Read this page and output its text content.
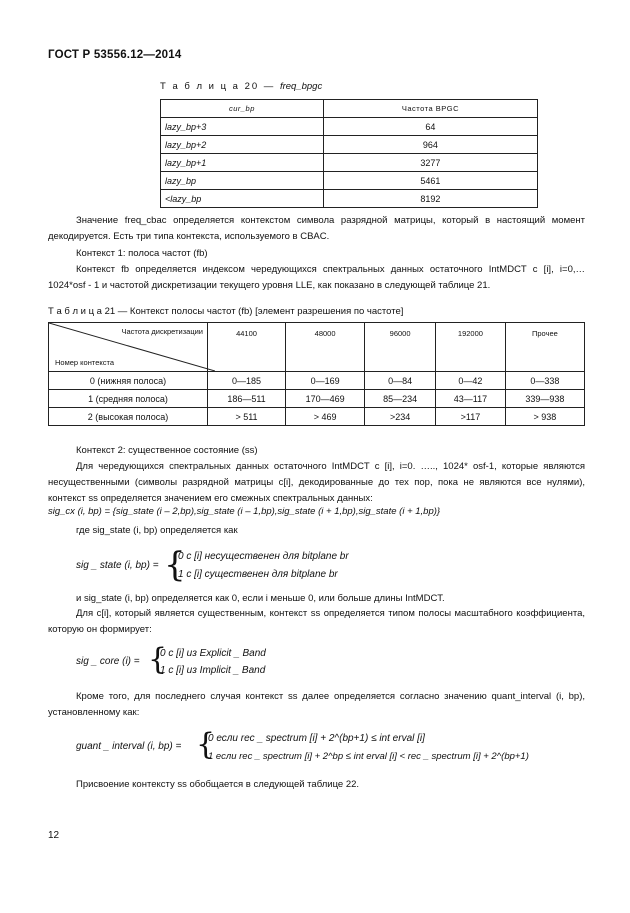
ГОСТ Р 53556.12—2014
Т а б л и ц а 20 — freq_bpgc
cur_bp	Частота BPGC
lazy_bp+3	64
lazy_bp+2	964
lazy_bp+1	3277
lazy_bp	5461
<lazy_bp	8192
Значение freq_cbac определяется контекстом символа разрядной матрицы, который в настоящий момент декодируется. Есть три типа контекста, используемого в CBAC.
Контекст 1: полоса частот (fb)
Контекст fb определяется индексом чередующихся спектральных данных остаточного IntMDCT с [i], i=0,… 1024*osf - 1 и частотой дискретизации текущего уровня LLE, как показано в следующей таблице 21.
Т а б л и ц а 21 — Контекст полосы частот (fb) [элемент разрешения по частоте]
Частота дискретизации
Номер контекста	44100	48000	96000	192000	Прочее
0 (нижняя полоса)	0—185	0—169	0—84	0—42	0—338
1 (средняя полоса)	186—511	170—469	85—234	43—117	339—938
2 (высокая полоса)	> 511	> 469	>234	>117	> 938
Контекст 2: существенное состояние (ss)
Для чередующихся спектральных данных остаточного IntMDCT с [i], i=0. ….., 1024* osf-1, которые являются несущественными (символы разрядной матрицы c[i], декодированные до тех пор, пока не являются все нулями), контекст ss определяется значением его смежных спектральных данных:
sig_cx (i, bp) = {sig_state (i – 2,bp),sig_state (i – 1,bp),sig_state (i + 1,bp),sig_state (i + 1,bp)}
где sig_state (i, bp) определяется как
sig _ state (i, bp) = {
0 c [i] несущественен для bitplane br
1 c [i] существенен для bitplane br
и sig_state (i, bp) определяется как 0, если i меньше 0, или больше длины IntMDCT.
Для c[i], который является существенным, контекст ss определяется типом полосы масштабного коэффициента, которую он формирует:
sig _ core (i) = {
0 c [i] из Explicit _ Band
1 c [i] из Implicit _ Band
Кроме того, для последнего случая контекст ss далее определяется согласно значению quant_interval (i, bp), установленному как:
guant _ interval (i, bp) = {
0 если rec _ spectrum [i] + 2^(bp+1) ≤ int erval [i]
1 если rec _ spectrum [i] + 2^bp ≤ int erval [i] < rec _ spectrum [i] + 2^(bp+1)
Присвоение контексту ss обобщается в следующей таблице 22.
12
